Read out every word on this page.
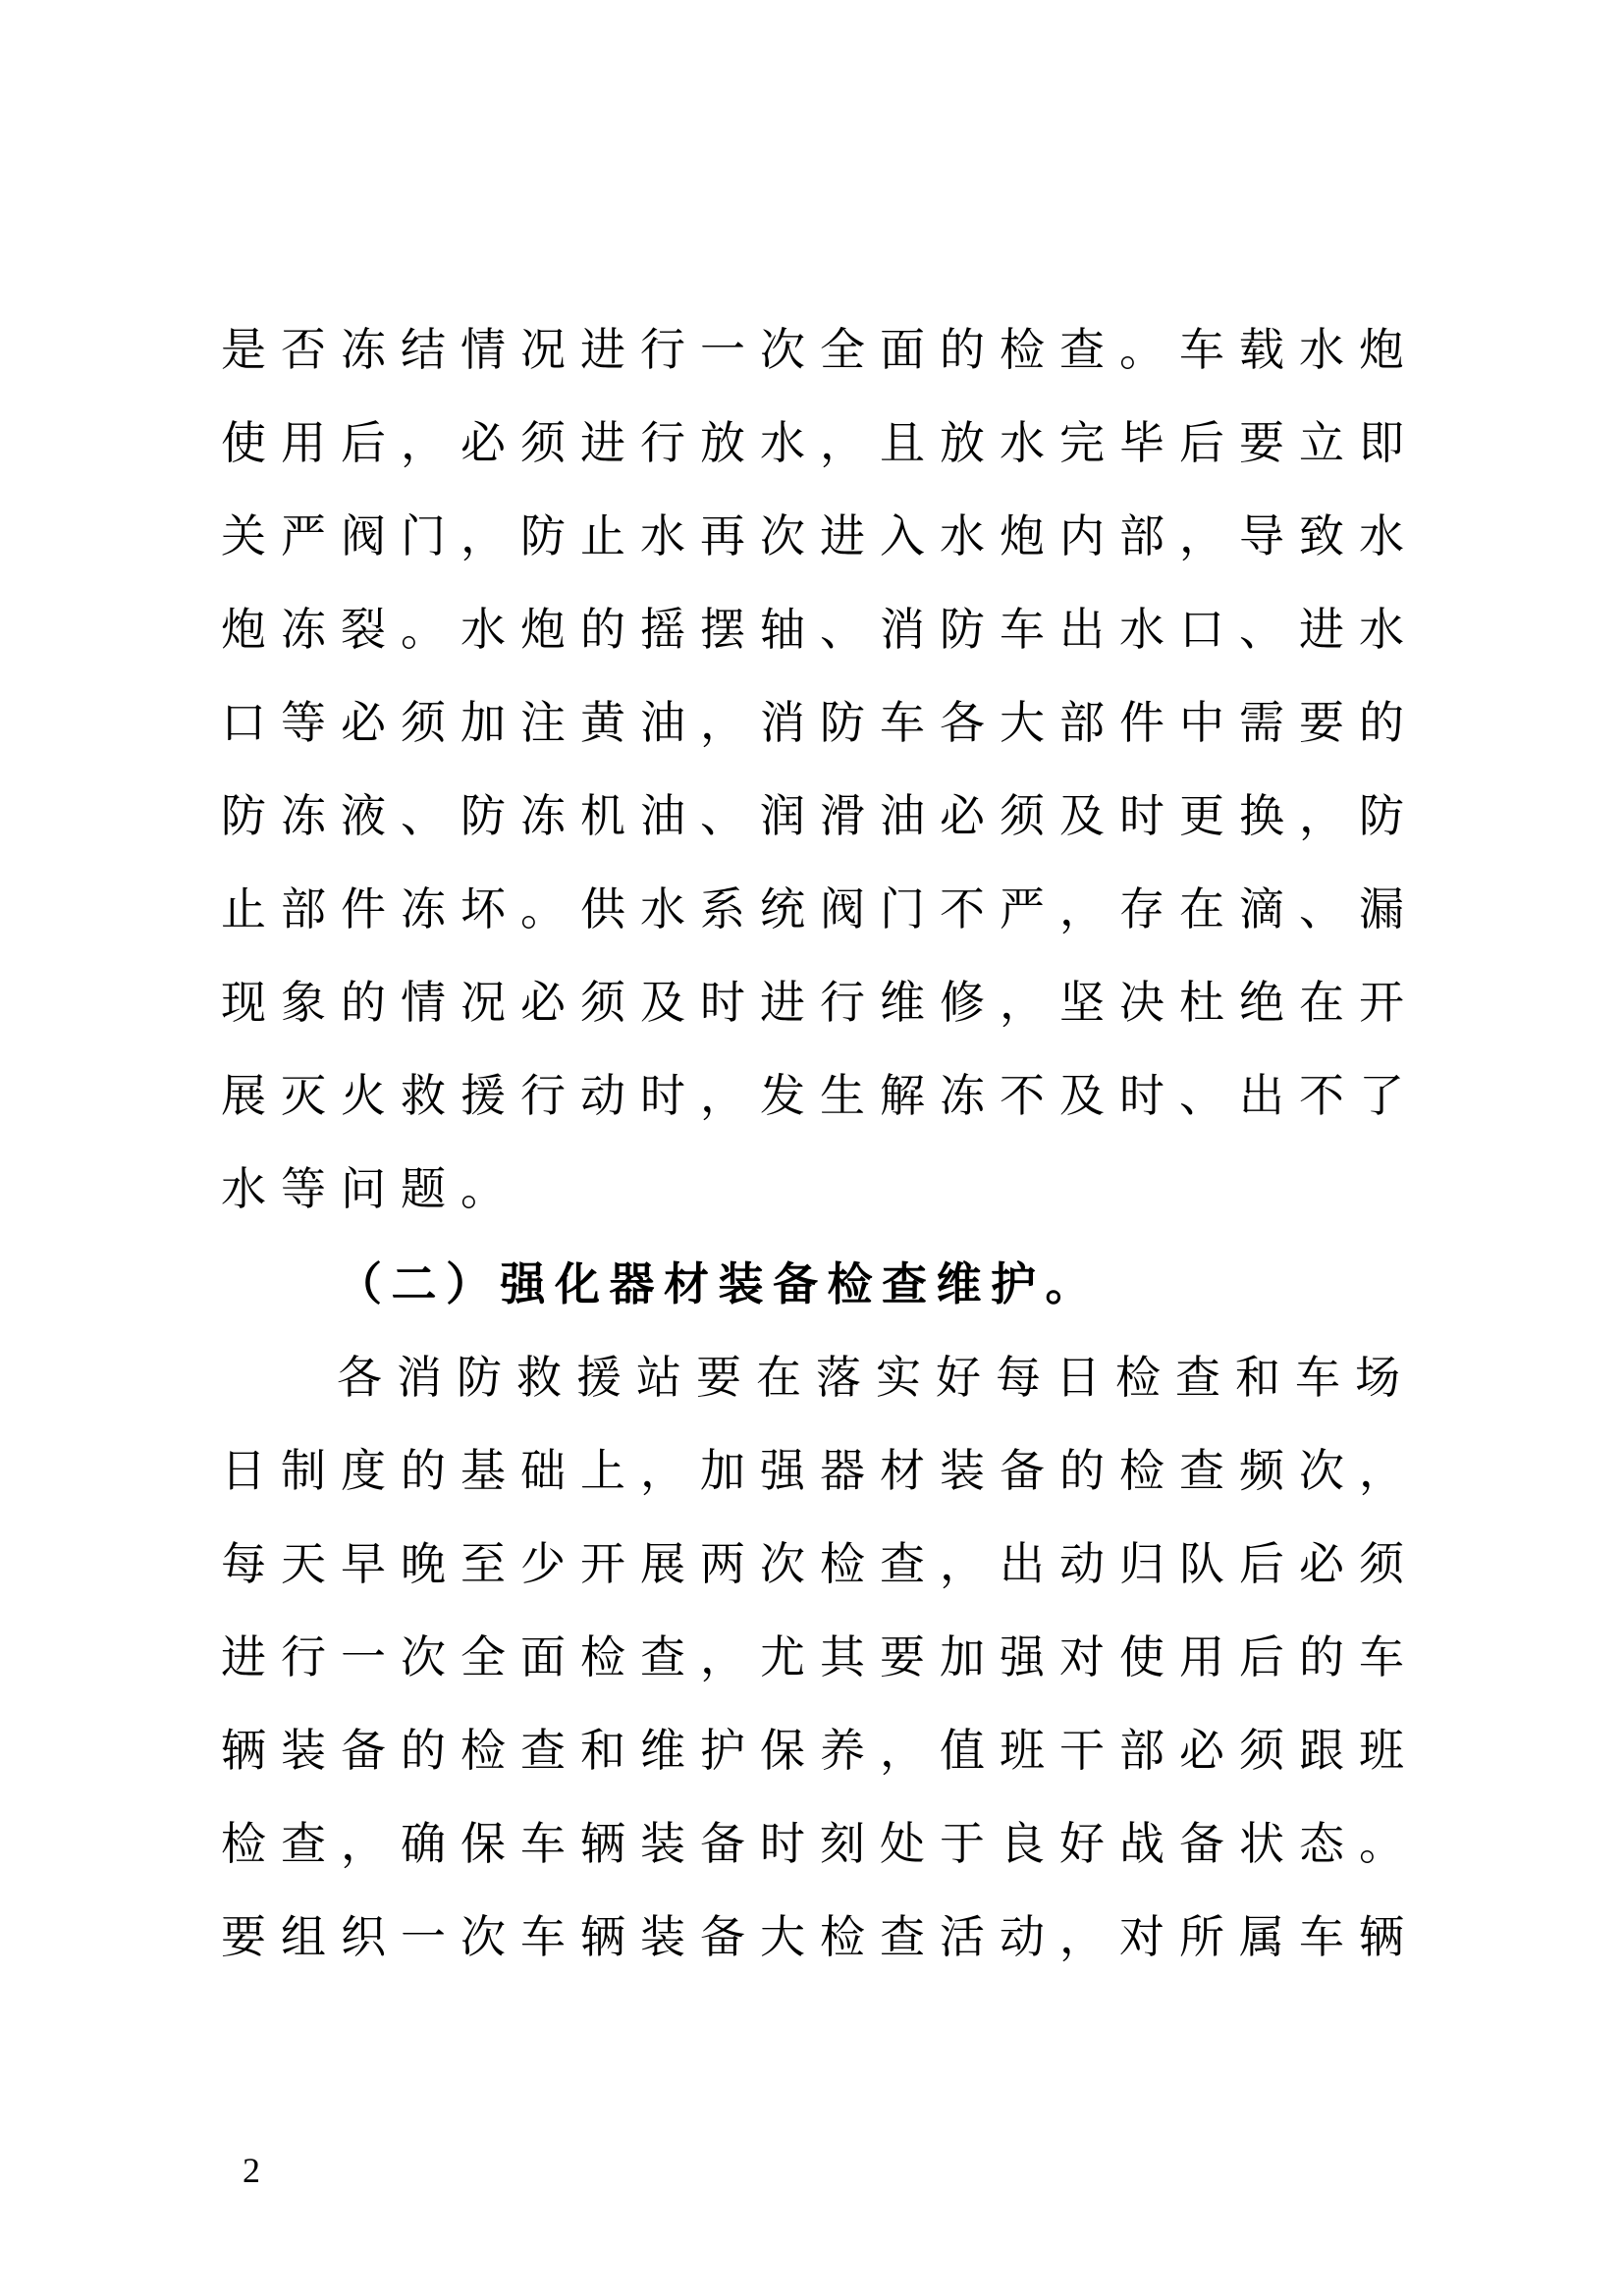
是否冻结情况进行一次全面的检查。车载水炮
使用后，必须进行放水，且放水完毕后要立即
关严阀门，防止水再次进入水炮内部，导致水
炮冻裂。水炮的摇摆轴、消防车出水口、进水
口等必须加注黄油，消防车各大部件中需要的
防冻液、防冻机油、润滑油必须及时更换，防
止部件冻坏。供水系统阀门不严，存在滴、漏
现象的情况必须及时进行维修，坚决杜绝在开
展灭火救援行动时，发生解冻不及时、出不了
水等问题。
（二）强化器材装备检查维护。
各消防救援站要在落实好每日检查和车场
日制度的基础上，加强器材装备的检查频次，
每天早晚至少开展两次检查，出动归队后必须
进行一次全面检查，尤其要加强对使用后的车
辆装备的检查和维护保养，值班干部必须跟班
检查，确保车辆装备时刻处于良好战备状态。
要组织一次车辆装备大检查活动，对所属车辆
2
